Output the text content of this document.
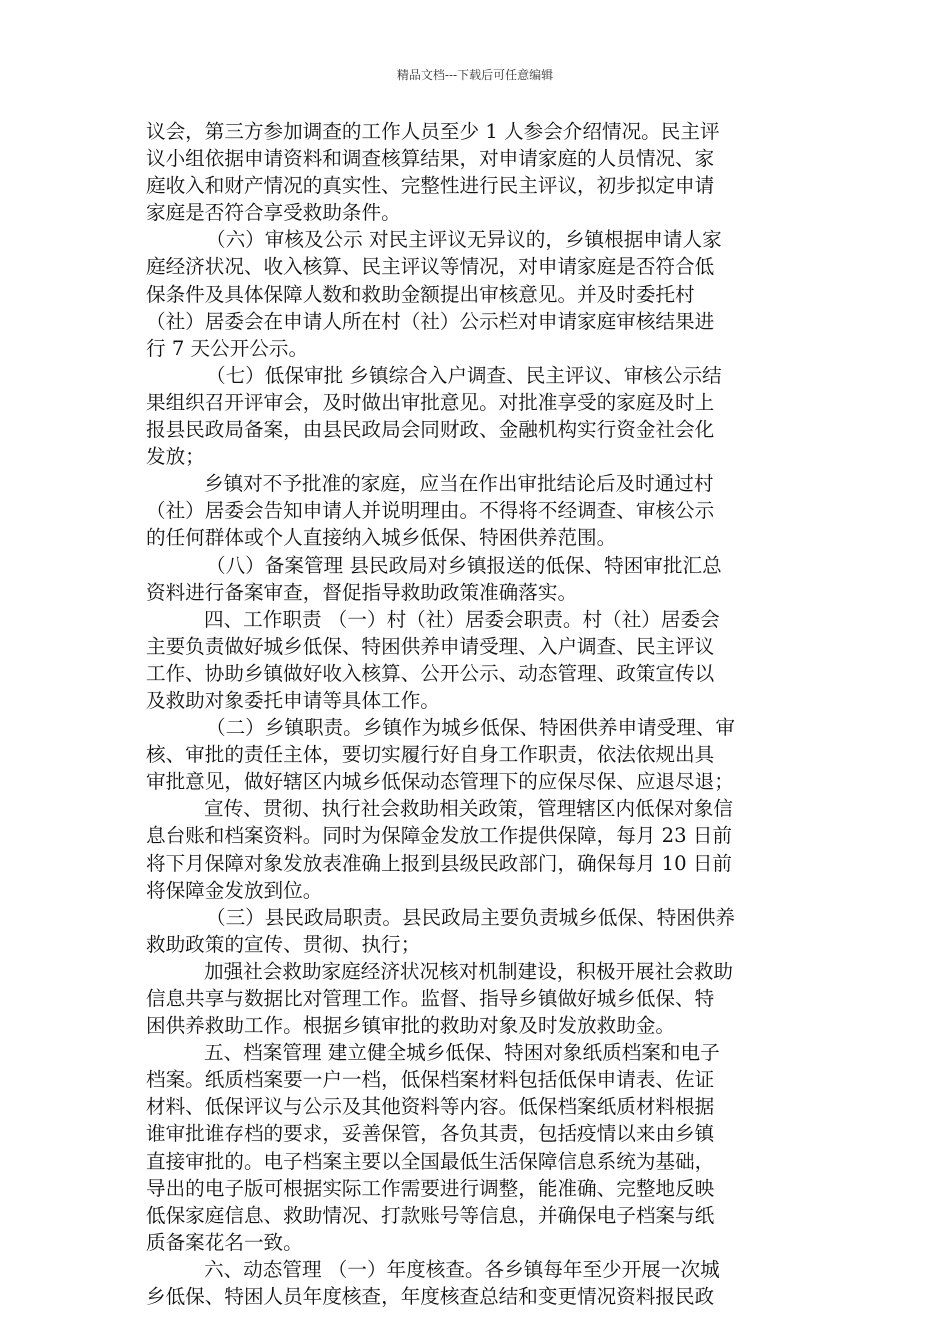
精品文档---下载后可任意编辑
议会，第三方参加调查的工作人员至少 1 人参会介绍情况。民主评
议小组依据申请资料和调查核算结果，对申请家庭的人员情况、家
庭收入和财产情况的真实性、完整性进行民主评议，初步拟定申请
家庭是否符合享受救助条件。
（六）审核及公示 对民主评议无异议的，乡镇根据申请人家
庭经济状况、收入核算、民主评议等情况，对申请家庭是否符合低
保条件及具体保障人数和救助金额提出审核意见。并及时委托村
（社）居委会在申请人所在村（社）公示栏对申请家庭审核结果进
行 7 天公开公示。
（七）低保审批 乡镇综合入户调查、民主评议、审核公示结
果组织召开评审会，及时做出审批意见。对批准享受的家庭及时上
报县民政局备案，由县民政局会同财政、金融机构实行资金社会化
发放；
乡镇对不予批准的家庭，应当在作出审批结论后及时通过村
（社）居委会告知申请人并说明理由。不得将不经调查、审核公示
的任何群体或个人直接纳入城乡低保、特困供养范围。
（八）备案管理 县民政局对乡镇报送的低保、特困审批汇总
资料进行备案审查，督促指导救助政策准确落实。
四、工作职责 （一）村（社）居委会职责。村（社）居委会
主要负责做好城乡低保、特困供养申请受理、入户调查、民主评议
工作、协助乡镇做好收入核算、公开公示、动态管理、政策宣传以
及救助对象委托申请等具体工作。
（二）乡镇职责。乡镇作为城乡低保、特困供养申请受理、审
核、审批的责任主体，要切实履行好自身工作职责，依法依规出具
审批意见，做好辖区内城乡低保动态管理下的应保尽保、应退尽退；
宣传、贯彻、执行社会救助相关政策，管理辖区内低保对象信
息台账和档案资料。同时为保障金发放工作提供保障，每月 23 日前
将下月保障对象发放表准确上报到县级民政部门，确保每月 10 日前
将保障金发放到位。
（三）县民政局职责。县民政局主要负责城乡低保、特困供养
救助政策的宣传、贯彻、执行；
加强社会救助家庭经济状况核对机制建设，积极开展社会救助
信息共享与数据比对管理工作。监督、指导乡镇做好城乡低保、特
困供养救助工作。根据乡镇审批的救助对象及时发放救助金。
五、档案管理 建立健全城乡低保、特困对象纸质档案和电子
档案。纸质档案要一户一档，低保档案材料包括低保申请表、佐证
材料、低保评议与公示及其他资料等内容。低保档案纸质材料根据
谁审批谁存档的要求，妥善保管，各负其责，包括疫情以来由乡镇
直接审批的。电子档案主要以全国最低生活保障信息系统为基础，
导出的电子版可根据实际工作需要进行调整，能准确、完整地反映
低保家庭信息、救助情况、打款账号等信息，并确保电子档案与纸
质备案花名一致。
六、动态管理 （一）年度核查。各乡镇每年至少开展一次城
乡低保、特困人员年度核查，年度核查总结和变更情况资料报民政
